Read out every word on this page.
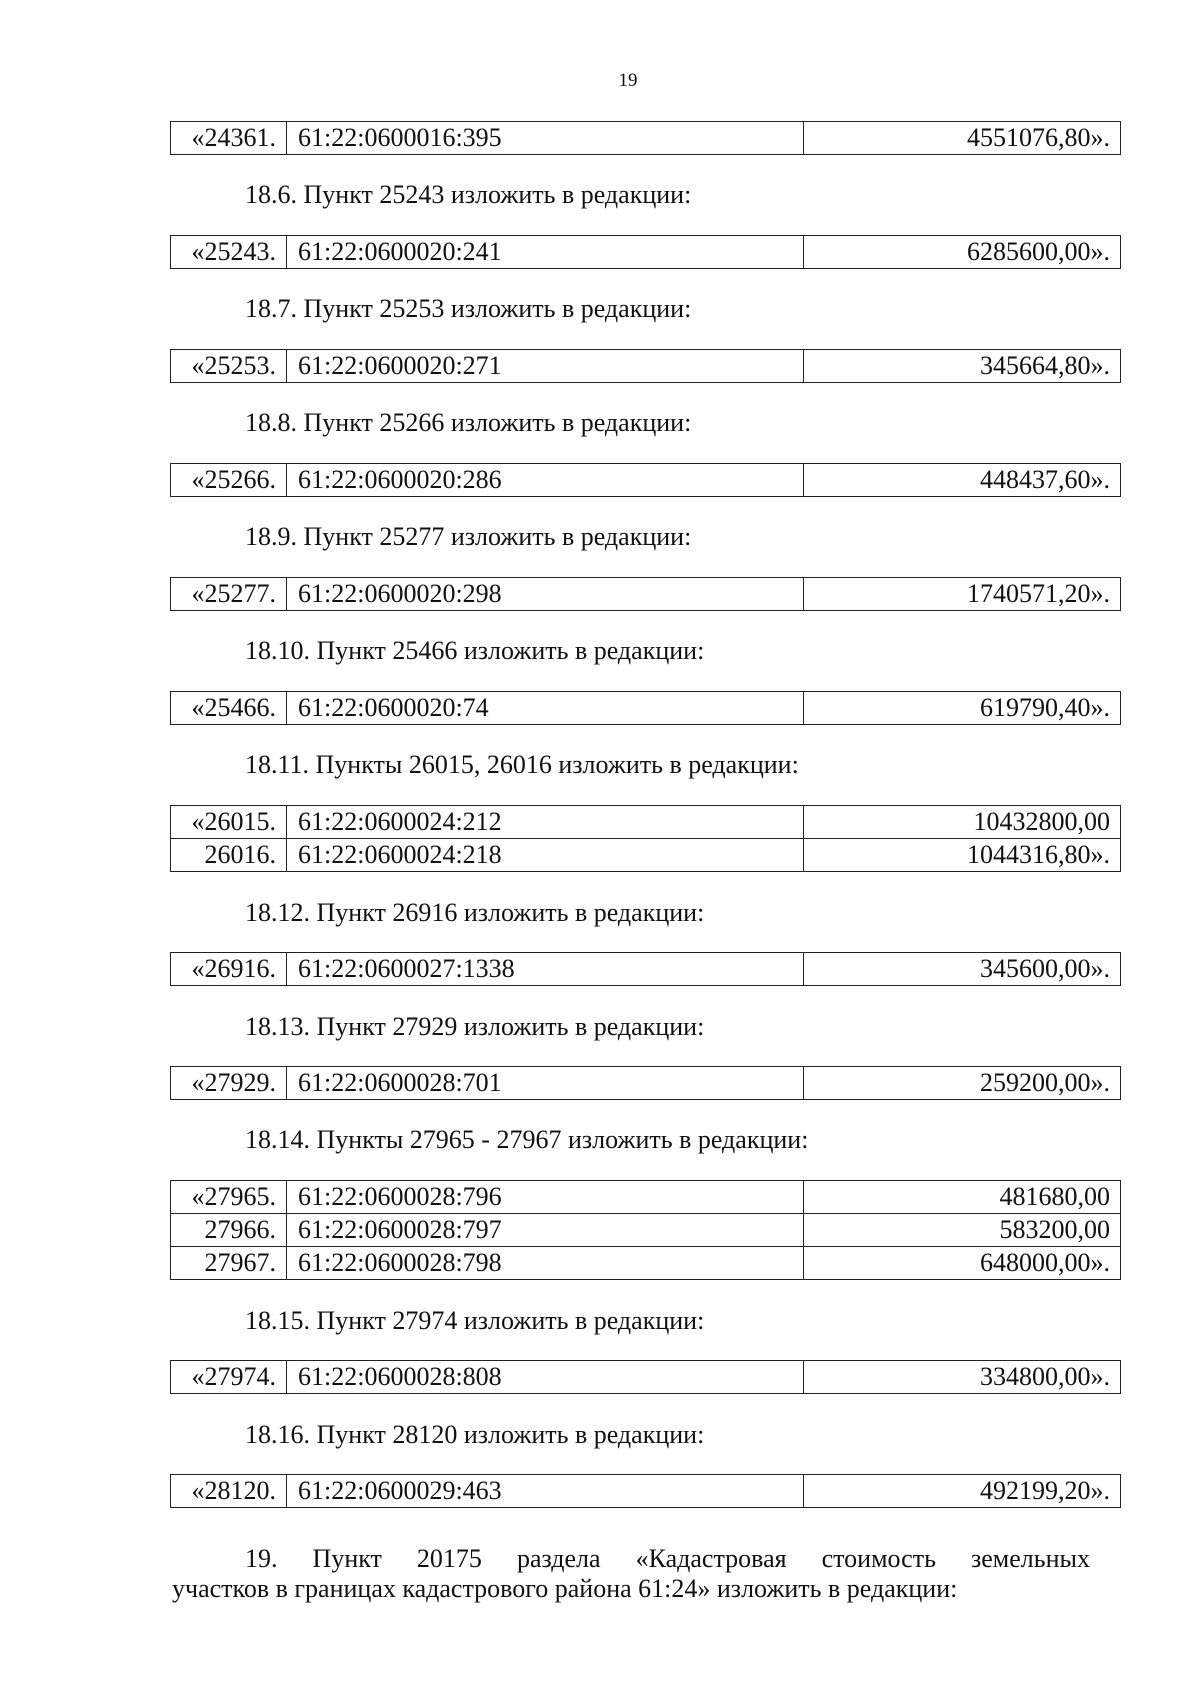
19
«24361.	61:22:0600016:395	4551076,80».
18.6. Пункт 25243 изложить в редакции:
«25243.	61:22:0600020:241	6285600,00».
18.7. Пункт 25253 изложить в редакции:
«25253.	61:22:0600020:271	345664,80».
18.8. Пункт 25266 изложить в редакции:
«25266.	61:22:0600020:286	448437,60».
18.9. Пункт 25277 изложить в редакции:
«25277.	61:22:0600020:298	1740571,20».
18.10. Пункт 25466 изложить в редакции:
«25466.	61:22:0600020:74	619790,40».
18.11. Пункты 26015, 26016 изложить в редакции:
«26015.	61:22:0600024:212	10432800,00
26016.	61:22:0600024:218	1044316,80».
18.12. Пункт 26916 изложить в редакции:
«26916.	61:22:0600027:1338	345600,00».
18.13. Пункт 27929 изложить в редакции:
«27929.	61:22:0600028:701	259200,00».
18.14. Пункты 27965 - 27967 изложить в редакции:
«27965.	61:22:0600028:796	481680,00
27966.	61:22:0600028:797	583200,00
27967.	61:22:0600028:798	648000,00».
18.15. Пункт 27974 изложить в редакции:
«27974.	61:22:0600028:808	334800,00».
18.16. Пункт 28120 изложить в редакции:
«28120.	61:22:0600029:463	492199,20».
19. Пункт 20175 раздела «Кадастровая стоимость земельных
участков в границах кадастрового района 61:24» изложить в редакции:
